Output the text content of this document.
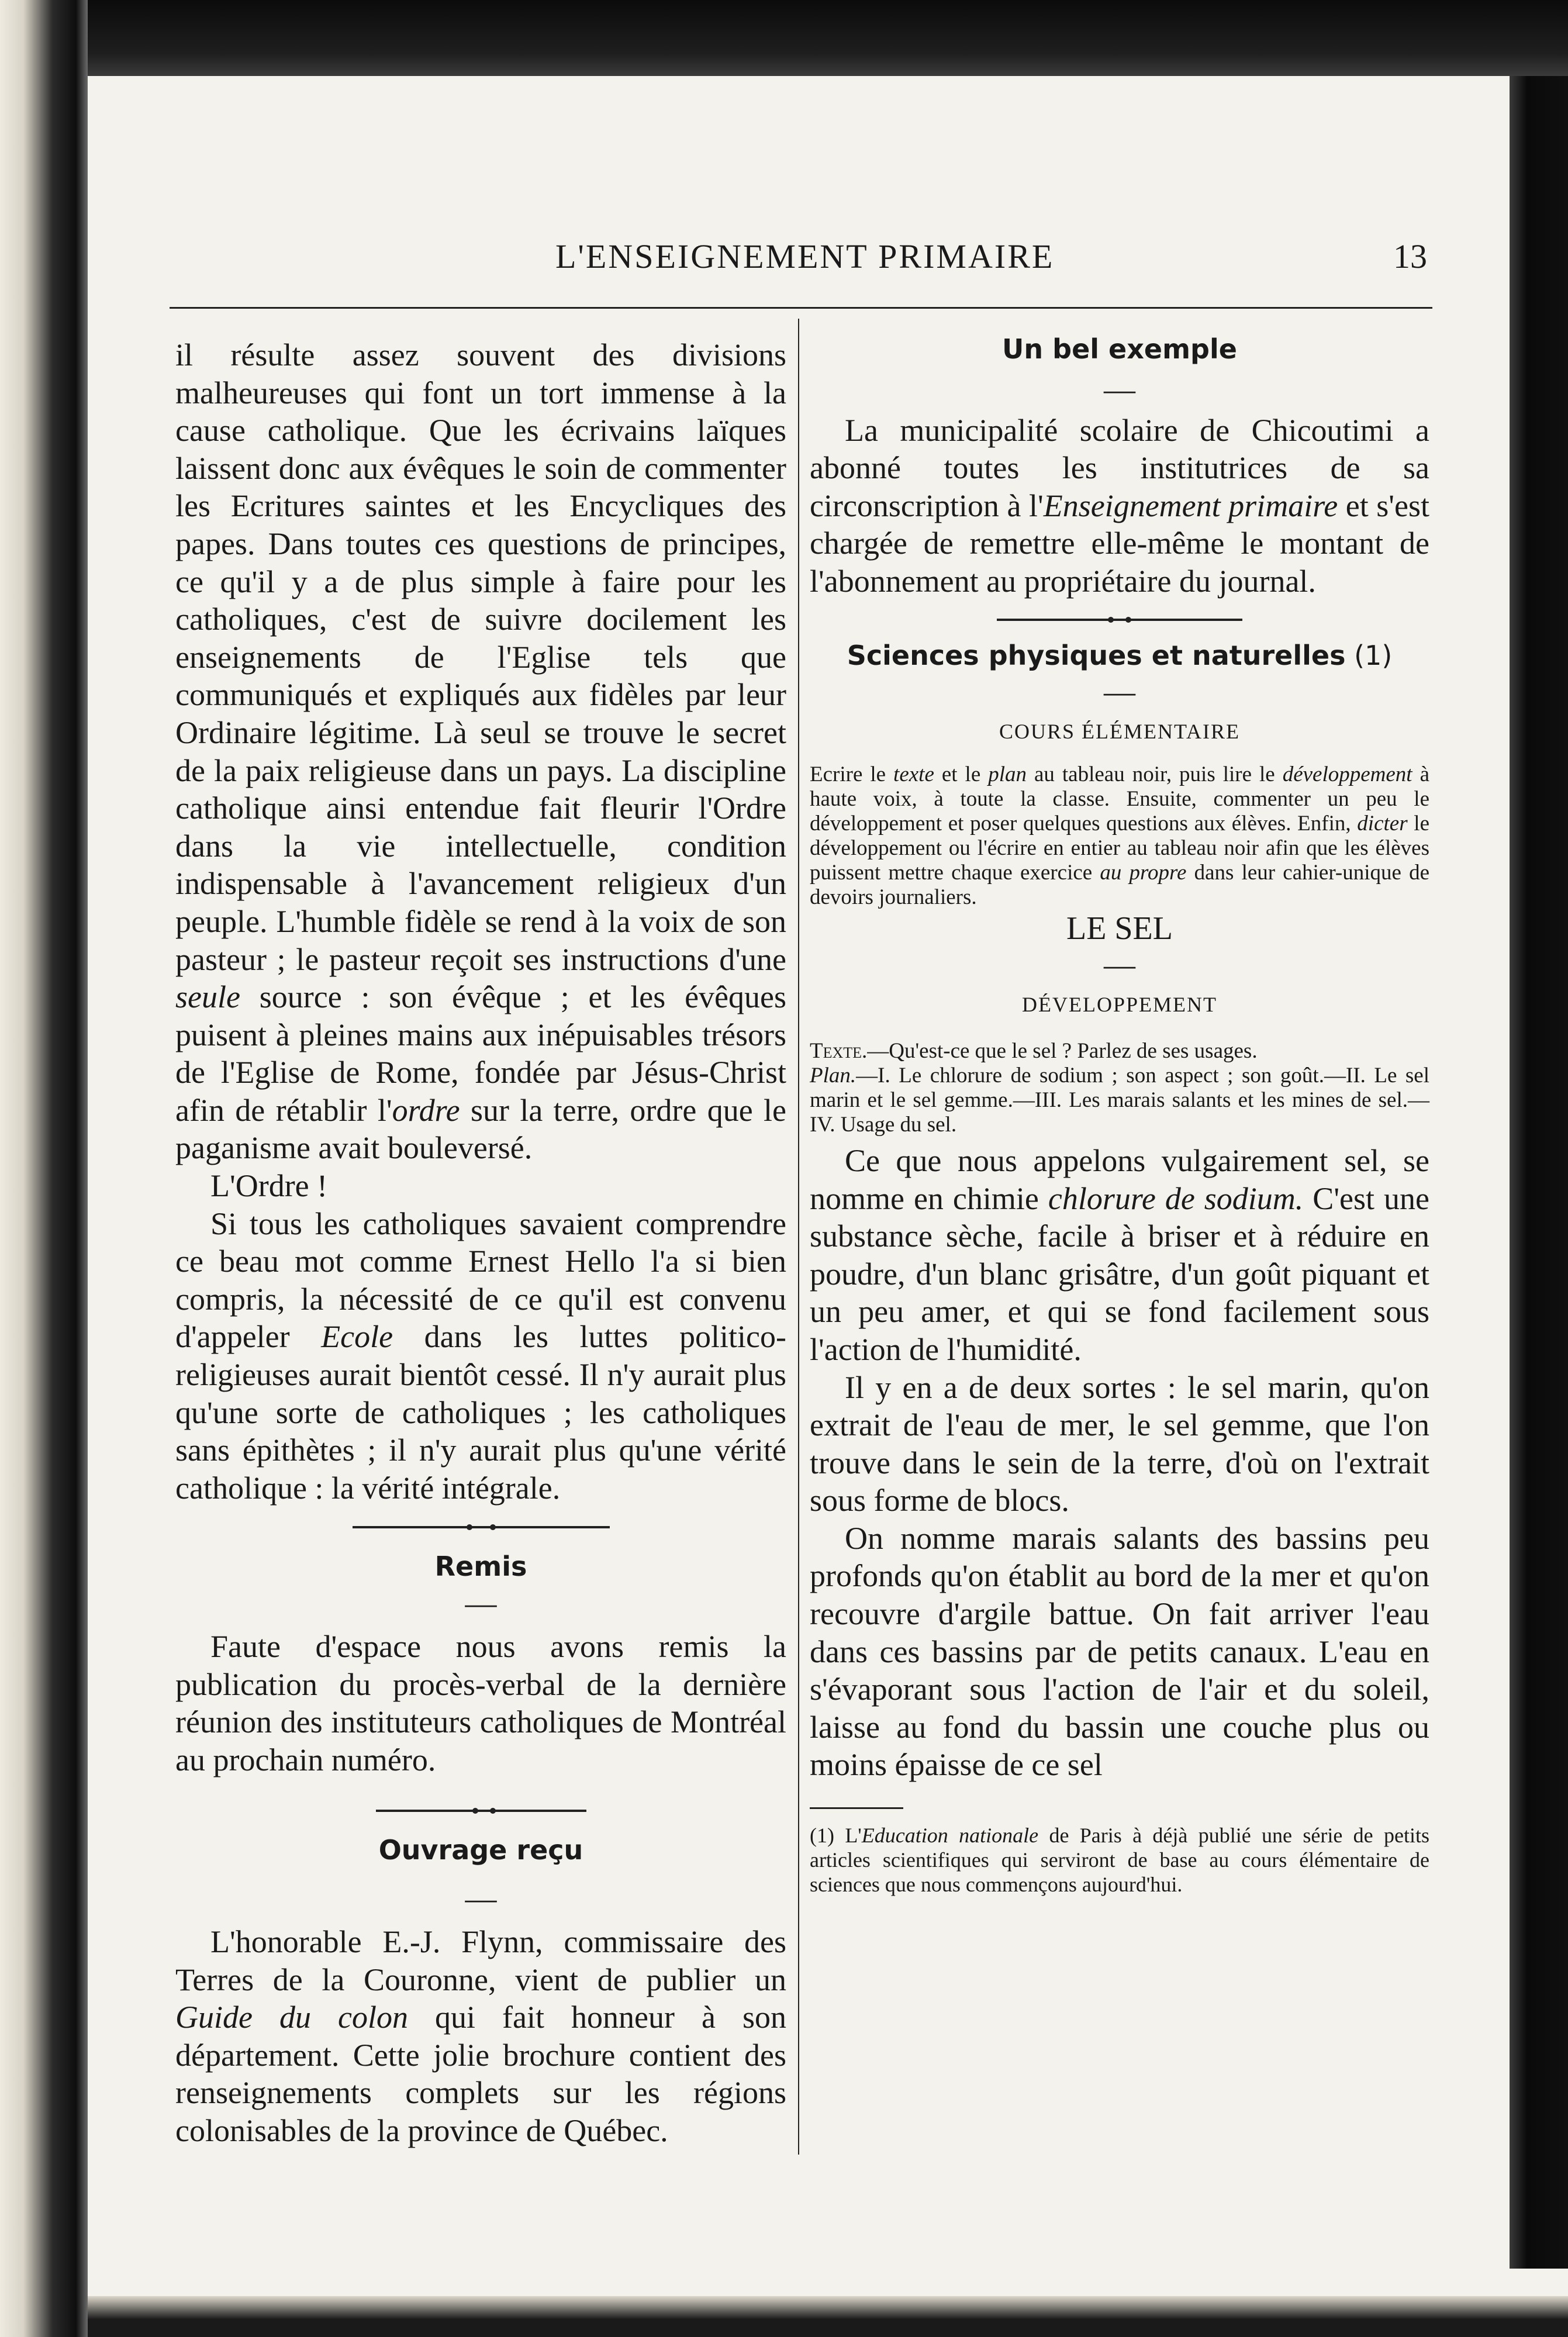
L'ENSEIGNEMENT PRIMAIRE	13

il résulte assez souvent des divisions malheureuses qui font un tort immense à la cause catholique. Que les écrivains laïques laissent donc aux évêques le soin de commenter les Ecritures saintes et les Encycliques des papes. Dans toutes ces questions de principes, ce qu'il y a de plus simple à faire pour les catholiques, c'est de suivre docilement les enseignements de l'Eglise tels que communiqués et expliqués aux fidèles par leur Ordinaire légitime. Là seul se trouve le secret de la paix religieuse dans un pays. La discipline catholique ainsi entendue fait fleurir l'Ordre dans la vie intellectuelle, condition indispensable à l'avancement religieux d'un peuple. L'humble fidèle se rend à la voix de son pasteur ; le pasteur reçoit ses instructions d'une seule source : son évêque ; et les évêques puisent à pleines mains aux inépuisables trésors de l'Eglise de Rome, fondée par Jésus-Christ afin de rétablir l'ordre sur la terre, ordre que le paganisme avait bouleversé.

L'Ordre !

Si tous les catholiques savaient comprendre ce beau mot comme Ernest Hello l'a si bien compris, la nécessité de ce qu'il est convenu d'appeler Ecole dans les luttes politico-religieuses aurait bientôt cessé. Il n'y aurait plus qu'une sorte de catholiques ; les catholiques sans épithètes ; il n'y aurait plus qu'une vérité catholique : la vérité intégrale.

Remis

—

Faute d'espace nous avons remis la publication du procès-verbal de la dernière réunion des instituteurs catholiques de Montréal au prochain numéro.

Ouvrage reçu

—

L'honorable E.-J. Flynn, commissaire des Terres de la Couronne, vient de publier un Guide du colon qui fait honneur à son département. Cette jolie brochure contient des renseignements complets sur les régions colonisables de la province de Québec.

Un bel exemple

—

La municipalité scolaire de Chicoutimi a abonné toutes les institutrices de sa circonscription à l'Enseignement primaire et s'est chargée de remettre elle-même le montant de l'abonnement au propriétaire du journal.

Sciences physiques et naturelles (1)

—

COURS ÉLÉMENTAIRE

Ecrire le texte et le plan au tableau noir, puis lire le développement à haute voix, à toute la classe. Ensuite, commenter un peu le développement et poser quelques questions aux élèves. Enfin, dicter le développement ou l'écrire en entier au tableau noir afin que les élèves puissent mettre chaque exercice au propre dans leur cahier-unique de devoirs journaliers.

LE SEL

—

DÉVELOPPEMENT

Texte.—Qu'est-ce que le sel ? Parlez de ses usages.

Plan.—I. Le chlorure de sodium ; son aspect ; son goût.—II. Le sel marin et le sel gemme.—III. Les marais salants et les mines de sel.—IV. Usage du sel.

Ce que nous appelons vulgairement sel, se nomme en chimie chlorure de sodium. C'est une substance sèche, facile à briser et à réduire en poudre, d'un blanc grisâtre, d'un goût piquant et un peu amer, et qui se fond facilement sous l'action de l'humidité.

Il y en a de deux sortes : le sel marin, qu'on extrait de l'eau de mer, le sel gemme, que l'on trouve dans le sein de la terre, d'où on l'extrait sous forme de blocs.

On nomme marais salants des bassins peu profonds qu'on établit au bord de la mer et qu'on recouvre d'argile battue. On fait arriver l'eau dans ces bassins par de petits canaux. L'eau en s'évaporant sous l'action de l'air et du soleil, laisse au fond du bassin une couche plus ou moins épaisse de ce sel

(1) L'Education nationale de Paris à déjà publié une série de petits articles scientifiques qui serviront de base au cours élémentaire de sciences que nous commençons aujourd'hui.
